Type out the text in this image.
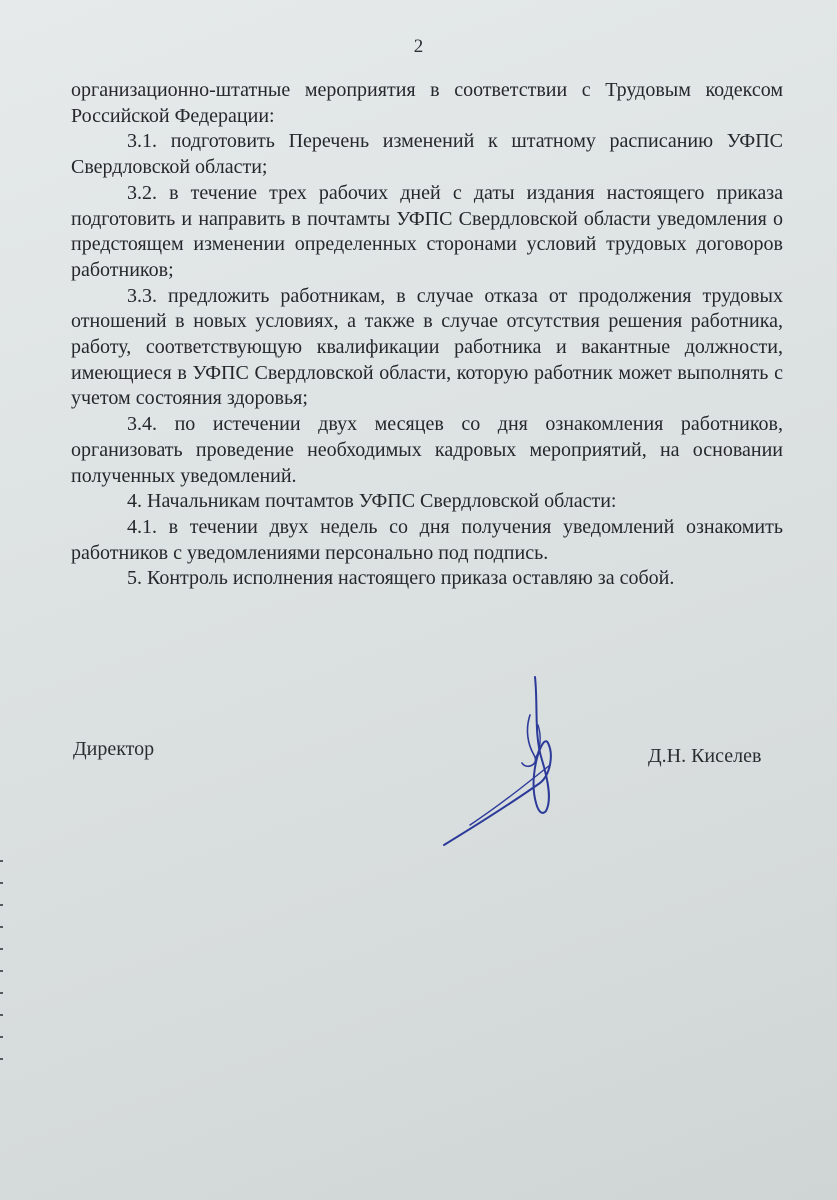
2

организационно-штатные мероприятия в соответствии с Трудовым кодексом Российской Федерации:

3.1. подготовить Перечень изменений к штатному расписанию УФПС Свердловской области;

3.2. в течение трех рабочих дней с даты издания настоящего приказа подготовить и направить в почтамты УФПС Свердловской области уведомления о предстоящем изменении определенных сторонами условий трудовых договоров работников;

3.3. предложить работникам, в случае отказа от продолжения трудовых отношений в новых условиях, а также в случае отсутствия решения работника, работу, соответствующую квалификации работника и вакантные должности, имеющиеся в УФПС Свердловской области, которую работник может выполнять с учетом состояния здоровья;

3.4. по истечении двух месяцев со дня ознакомления работников, организовать проведение необходимых кадровых мероприятий, на основании полученных уведомлений.

4. Начальникам почтамтов УФПС Свердловской области:

4.1. в течении двух недель со дня получения уведомлений ознакомить работников с уведомлениями персонально под подпись.

5. Контроль исполнения настоящего приказа оставляю за собой.

Директор	Д.Н. Киселев
